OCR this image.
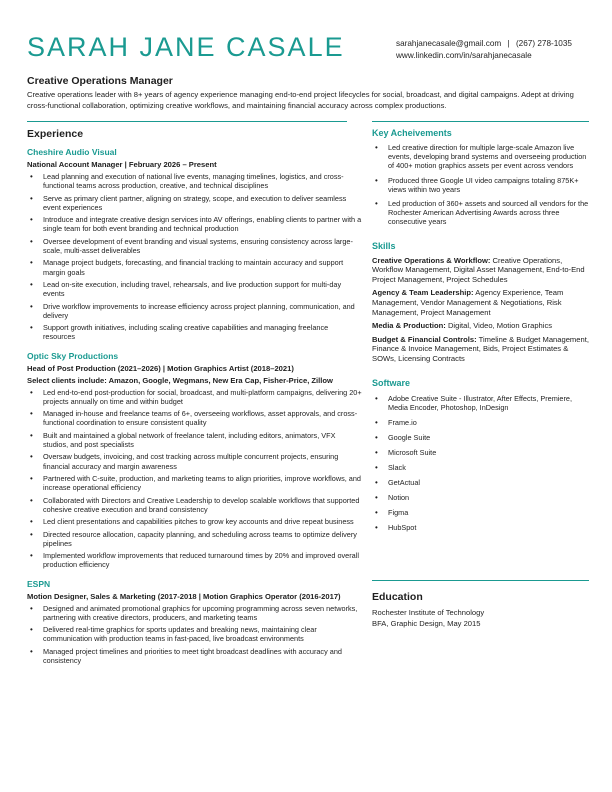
SARAH JANE CASALE	sarahjanecasale@gmail.com | (267) 278-1035
www.linkedin.com/in/sarahjanecasale
Creative Operations Manager
Creative operations leader with 8+ years of agency experience managing end-to-end project lifecycles for social, broadcast, and digital campaigns. Adept at driving cross-functional collaboration, optimizing creative workflows, and maintaining financial accuracy across complex productions.
Experience
Cheshire Audio Visual
National Account Manager | February 2026 – Present
• Lead planning and execution of national live events, managing timelines, logistics, and cross-functional teams across production, creative, and technical disciplines
• Serve as primary client partner, aligning on strategy, scope, and execution to deliver seamless event experiences
• Introduce and integrate creative design services into AV offerings, enabling clients to partner with a single team for both event branding and technical production
• Oversee development of event branding and visual systems, ensuring consistency across large-scale, multi-asset deliverables
• Manage project budgets, forecasting, and financial tracking to maintain accuracy and support margin goals
• Lead on-site execution, including travel, rehearsals, and live production support for multi-day events
• Drive workflow improvements to increase efficiency across project planning, communication, and delivery
• Support growth initiatives, including scaling creative capabilities and managing freelance resources
Optic Sky Productions
Head of Post Production (2021–2026) | Motion Graphics Artist (2018–2021)
Select clients include: Amazon, Google, Wegmans, New Era Cap, Fisher-Price, Zillow
• Led end-to-end post-production for social, broadcast, and multi-platform campaigns, delivering 20+ projects annually on time and within budget
• Managed in-house and freelance teams of 6+, overseeing workflows, asset approvals, and cross-functional coordination to ensure consistent quality
• Built and maintained a global network of freelance talent, including editors, animators, VFX studios, and post specialists
• Oversaw budgets, invoicing, and cost tracking across multiple concurrent projects, ensuring financial accuracy and margin awareness
• Partnered with C-suite, production, and marketing teams to align priorities, improve workflows, and increase operational efficiency
• Collaborated with Directors and Creative Leadership to develop scalable workflows that supported cohesive creative execution and brand consistency
• Led client presentations and capabilities pitches to grow key accounts and drive repeat business
• Directed resource allocation, capacity planning, and scheduling across teams to optimize delivery pipelines
• Implemented workflow improvements that reduced turnaround times by 20% and improved overall production efficiency
ESPN
Motion Designer, Sales & Marketing (2017-2018 | Motion Graphics Operator (2016-2017)
• Designed and animated promotional graphics for upcoming programming across seven networks, partnering with creative directors, producers, and marketing teams
• Delivered real-time graphics for sports updates and breaking news, maintaining clear communication with production teams in fast-paced, live broadcast environments
• Managed project timelines and priorities to meet tight broadcast deadlines with accuracy and consistency
Key Acheivements
• Led creative direction for multiple large-scale Amazon live events, developing brand systems and overseeing production of 400+ motion graphics assets per event across vendors
• Produced three Google UI video campaigns totaling 875K+ views within two years
• Led production of 360+ assets and sourced all vendors for the Rochester American Advertising Awards across three consecutive years
Skills

Creative Operations & Workflow: Creative Operations, Workflow Management, Digital Asset Management, End-to-End Project Management, Project Schedules

Agency & Team Leadership: Agency Experience, Team Management, Vendor Management & Negotiations, Risk Management, Project Management

Media & Production: Digital, Video, Motion Graphics

Budget & Financial Controls: Timeline & Budget Management, Finance & Invoice Management, Bids, Project Estimates & SOWs, Licensing Contracts

Software
• Adobe Creative Suite - Illustrator, After Effects, Premiere, Media Encoder, Photoshop, InDesign
• Frame.io
• Google Suite
• Microsoft Suite
• Slack
• GetActual
• Notion
• Figma
• HubSpot
Education
Rochester Institute of Technology
BFA, Graphic Design, May 2015
